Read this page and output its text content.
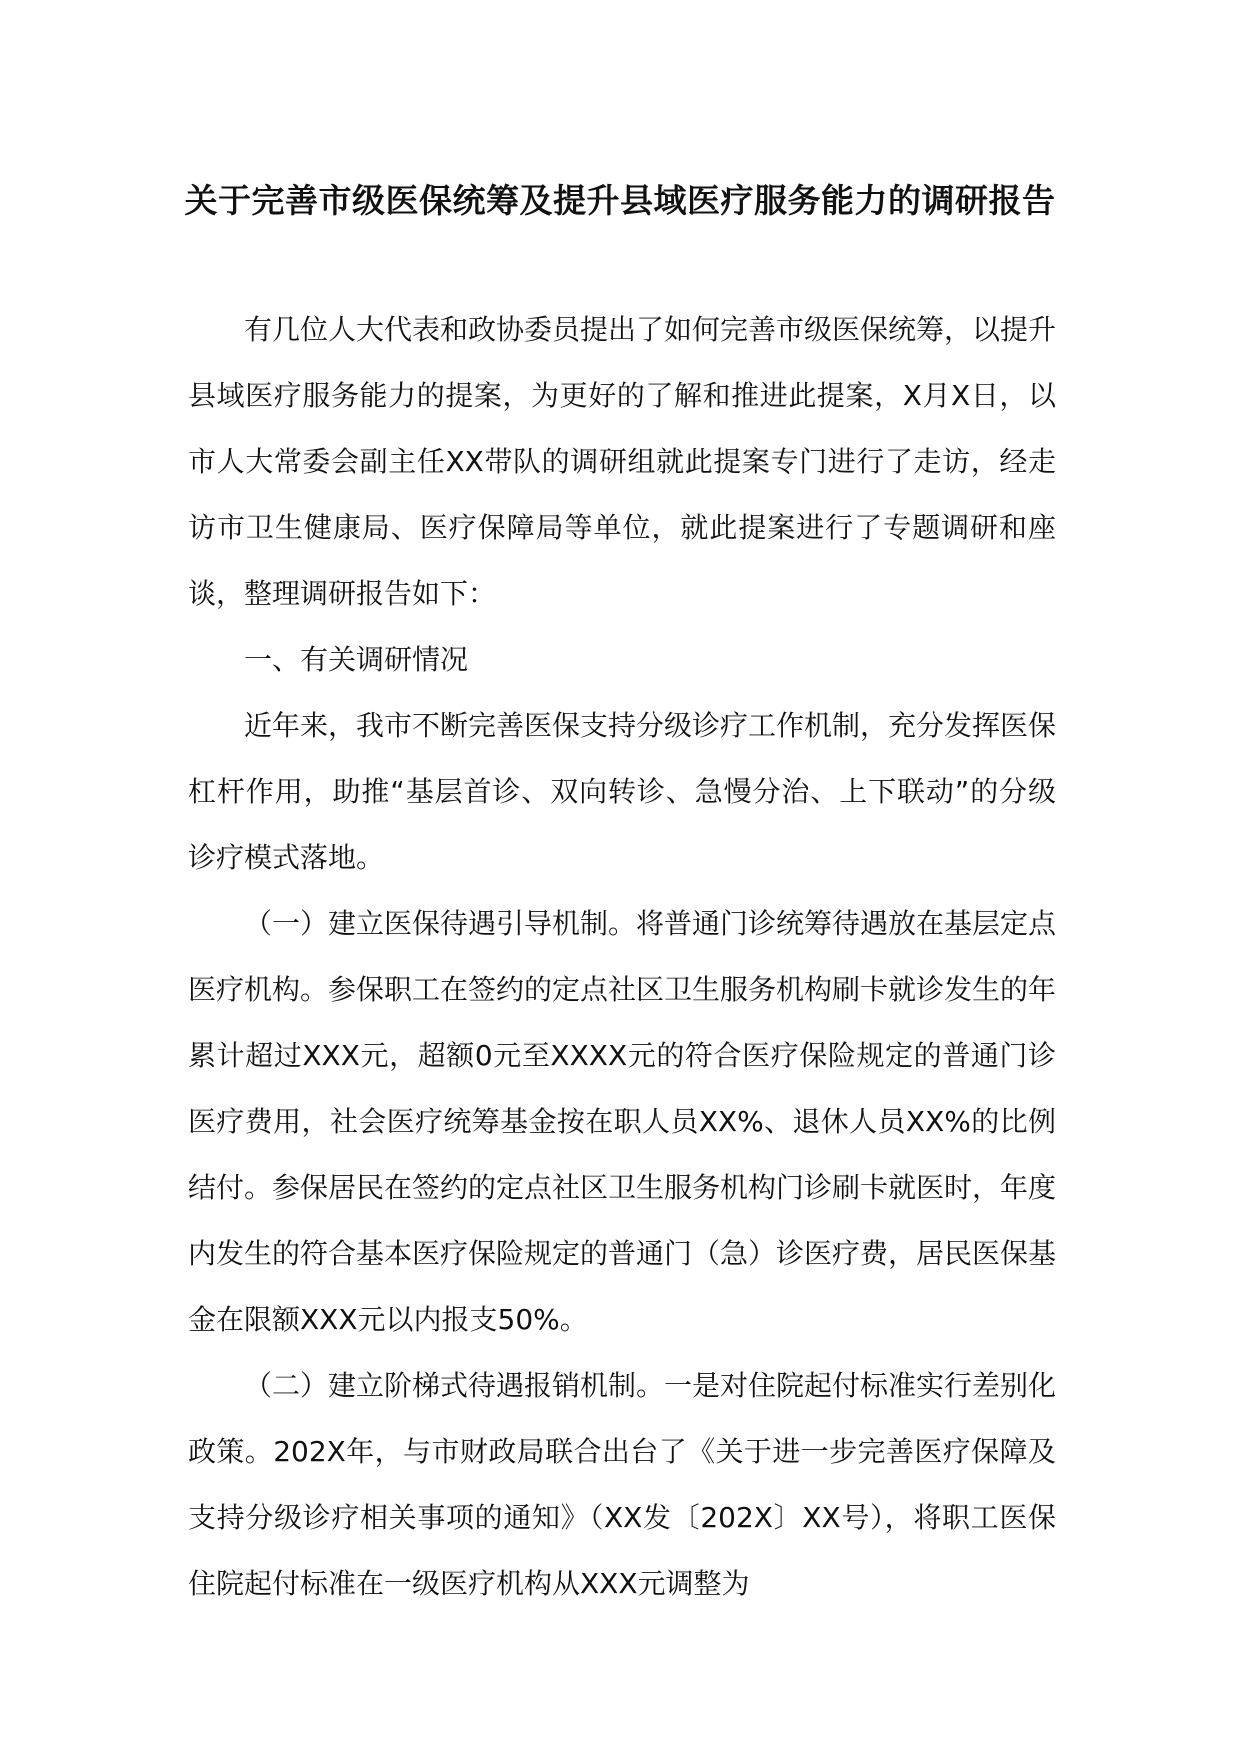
关于完善市级医保统筹及提升县域医疗服务能力的调研报告

有几位人大代表和政协委员提出了如何完善市级医保统筹，以提升县域医疗服务能力的提案，为更好的了解和推进此提案，X月X日，以市人大常委会副主任XX带队的调研组就此提案专门进行了走访，经走访市卫生健康局、医疗保障局等单位，就此提案进行了专题调研和座谈，整理调研报告如下：

一、有关调研情况

近年来，我市不断完善医保支持分级诊疗工作机制，充分发挥医保杠杆作用，助推“基层首诊、双向转诊、急慢分治、上下联动”的分级诊疗模式落地。

（一）建立医保待遇引导机制。将普通门诊统筹待遇放在基层定点医疗机构。参保职工在签约的定点社区卫生服务机构刷卡就诊发生的年累计超过XXX元，超额0元至XXXX元的符合医疗保险规定的普通门诊医疗费用，社会医疗统筹基金按在职人员XX%、退休人员XX%的比例结付。参保居民在签约的定点社区卫生服务机构门诊刷卡就医时，年度内发生的符合基本医疗保险规定的普通门（急）诊医疗费，居民医保基金在限额XXX元以内报支50%。

（二）建立阶梯式待遇报销机制。一是对住院起付标准实行差别化政策。202X年，与市财政局联合出台了《关于进一步完善医疗保障及支持分级诊疗相关事项的通知》（XX发〔202X〕XX号），将职工医保住院起付标准在一级医疗机构从XXX元调整为
